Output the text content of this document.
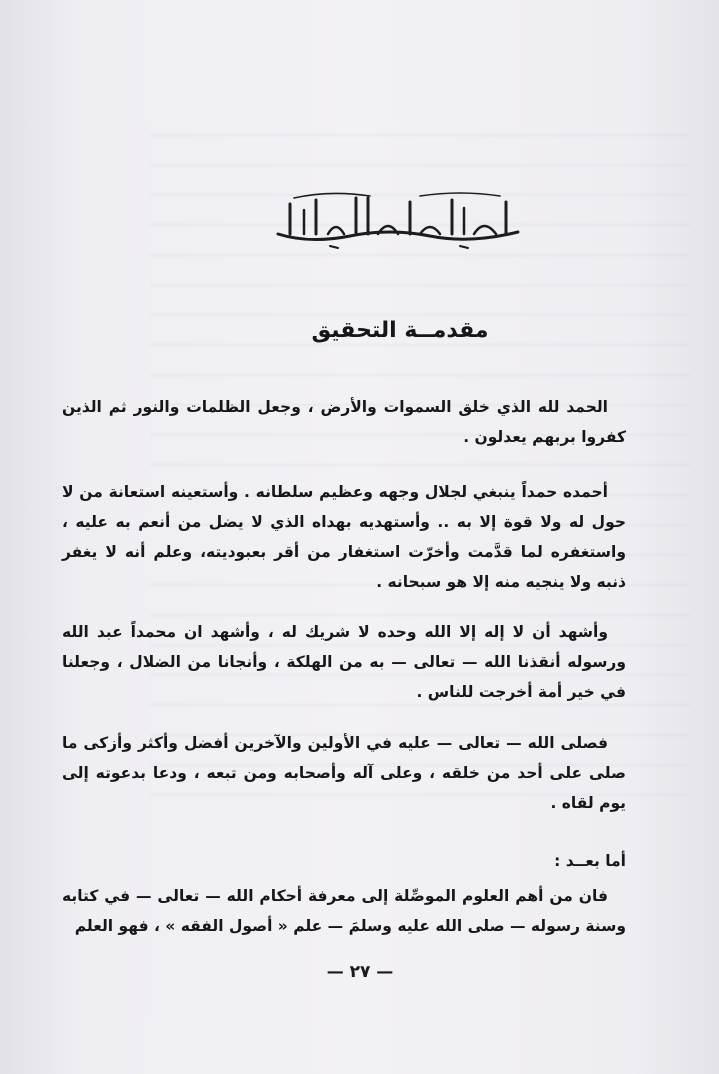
مقدمــة التحقيق

الحمد لله الذي خلق السموات والأرض ، وجعل الظلمات والنور ثم الذين كفروا بربهم يعدلون .

أحمده حمداً ينبغي لجلال وجهه وعظيم سلطانه . وأستعينه استعانة من لا حول له ولا قوة إلا به .. وأستهديه بهداه الذي لا يضل من أنعم به عليه ، واستغفره لما قدَّمت وأخرّت استغفار من أقر بعبوديته، وعلم أنه لا يغفر ذنبه ولا ينجيه منه إلا هو سبحانه .

وأشهد أن لا إله إلا الله وحده لا شريك له ، وأشهد ان محمداً عبد الله ورسوله أنقذنا الله — تعالى — به من الهلكة ، وأنجانا من الضلال ، وجعلنا في خير أمة أخرجت للناس .

فصلى الله — تعالى — عليه في الأولين والآخرين أفضل وأكثر وأزكى ما صلى على أحد من خلقه ، وعلى آله وأصحابه ومن تبعه ، ودعا بدعوته إلى يوم لقاه .

أما بعــد :

فان من أهم العلوم الموصِّلة إلى معرفة أحكام الله — تعالى — في كتابه وسنة رسوله — صلى الله عليه وسلمَ — علم « أصول الفقه » ، فهو العلم

— ٢٧ —
